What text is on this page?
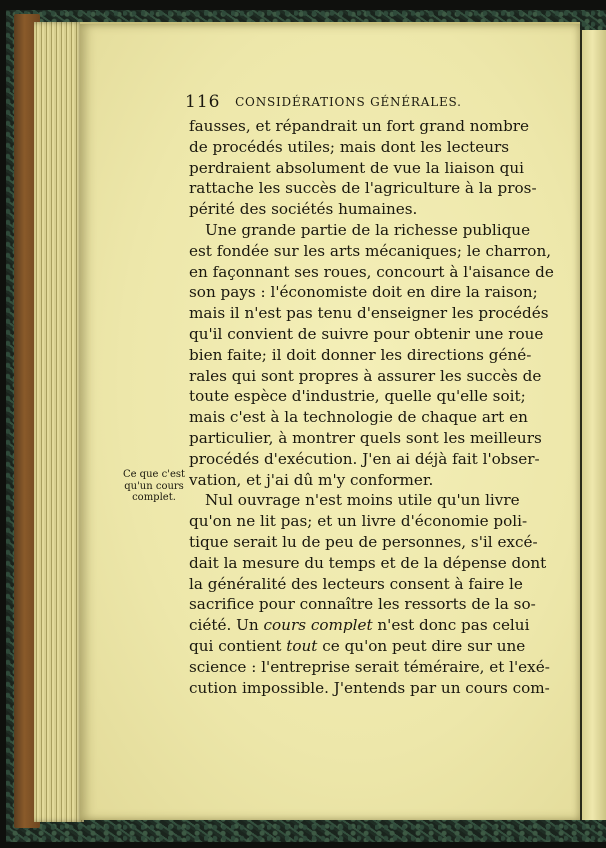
116 CONSIDÉRATIONS GÉNÉRALES.
Ce que c'est
qu'un cours
complet.
fausses, et répandrait un fort grand nombre
de procédés utiles; mais dont les lecteurs
perdraient absolument de vue la liaison qui
rattache les succès de l'agriculture à la pros-
périté des sociétés humaines.
Une grande partie de la richesse publique
est fondée sur les arts mécaniques; le charron,
en façonnant ses roues, concourt à l'aisance de
son pays : l'économiste doit en dire la raison;
mais il n'est pas tenu d'enseigner les procédés
qu'il convient de suivre pour obtenir une roue
bien faite; il doit donner les directions géné-
rales qui sont propres à assurer les succès de
toute espèce d'industrie, quelle qu'elle soit;
mais c'est à la technologie de chaque art en
particulier, à montrer quels sont les meilleurs
procédés d'exécution. J'en ai déjà fait l'obser-
vation, et j'ai dû m'y conformer.
Nul ouvrage n'est moins utile qu'un livre
qu'on ne lit pas; et un livre d'économie poli-
tique serait lu de peu de personnes, s'il excé-
dait la mesure du temps et de la dépense dont
la généralité des lecteurs consent à faire le
sacrifice pour connaître les ressorts de la so-
ciété. Un cours complet n'est donc pas celui
qui contient tout ce qu'on peut dire sur une
science : l'entreprise serait téméraire, et l'exé-
cution impossible. J'entends par un cours com-
